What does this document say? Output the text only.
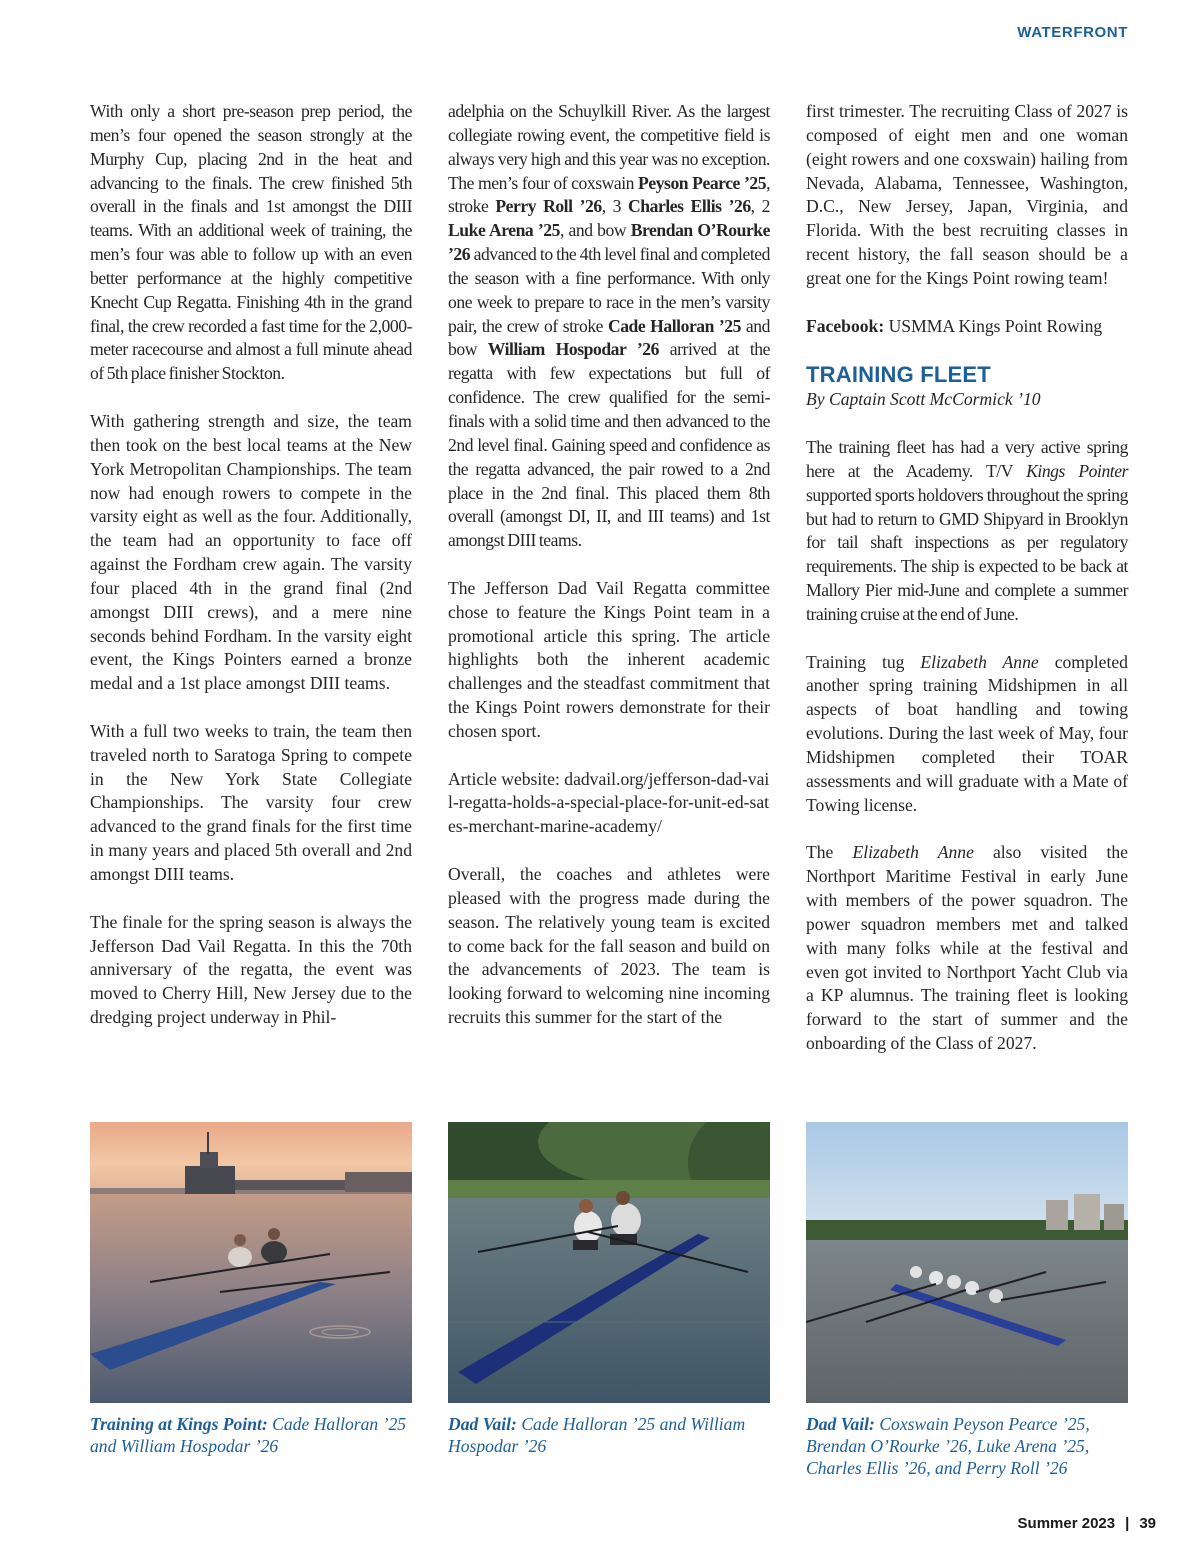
WATERFRONT

With only a short pre-season prep period, the men’s four opened the season strongly at the Murphy Cup, placing 2nd in the heat and advancing to the finals. The crew finished 5th overall in the finals and 1st amongst the DIII teams. With an additional week of training, the men’s four was able to follow up with an even better performance at the highly competitive Knecht Cup Regatta. Finishing 4th in the grand final, the crew recorded a fast time for the 2,000-meter racecourse and almost a full minute ahead of 5th place finisher Stockton.

With gathering strength and size, the team then took on the best local teams at the New York Metropolitan Championships. The team now had enough rowers to compete in the varsity eight as well as the four. Additionally, the team had an opportunity to face off against the Fordham crew again. The varsity four placed 4th in the grand final (2nd amongst DIII crews), and a mere nine seconds behind Fordham. In the varsity eight event, the Kings Pointers earned a bronze medal and a 1st place amongst DIII teams.

With a full two weeks to train, the team then traveled north to Saratoga Spring to compete in the New York State Collegiate Championships. The varsity four crew advanced to the grand finals for the first time in many years and placed 5th overall and 2nd amongst DIII teams.

The finale for the spring season is always the Jefferson Dad Vail Regatta. In this the 70th anniversary of the regatta, the event was moved to Cherry Hill, New Jersey due to the dredging project underway in Phil-

adelphia on the Schuylkill River. As the largest collegiate rowing event, the competitive field is always very high and this year was no exception. The men’s four of coxswain Peyson Pearce ’25, stroke Perry Roll ’26, 3 Charles Ellis ’26, 2 Luke Arena ’25, and bow Brendan O’Rourke ’26 advanced to the 4th level final and completed the season with a fine performance. With only one week to prepare to race in the men’s varsity pair, the crew of stroke Cade Halloran ’25 and bow William Hospodar ’26 arrived at the regatta with few expectations but full of confidence. The crew qualified for the semi-finals with a solid time and then advanced to the 2nd level final. Gaining speed and confidence as the regatta advanced, the pair rowed to a 2nd place in the 2nd final. This placed them 8th overall (amongst DI, II, and III teams) and 1st amongst DIII teams.

The Jefferson Dad Vail Regatta committee chose to feature the Kings Point team in a promotional article this spring. The article highlights both the inherent academic challenges and the steadfast commitment that the Kings Point rowers demonstrate for their chosen sport.

Article website: dadvail.org/jefferson-dad-vail-regatta-holds-a-special-place-for-unit-ed-sates-merchant-marine-academy/

Overall, the coaches and athletes were pleased with the progress made during the season. The relatively young team is excited to come back for the fall season and build on the advancements of 2023. The team is looking forward to welcoming nine incoming recruits this summer for the start of the

first trimester. The recruiting Class of 2027 is composed of eight men and one woman (eight rowers and one coxswain) hailing from Nevada, Alabama, Tennessee, Washington, D.C., New Jersey, Japan, Virginia, and Florida. With the best recruiting classes in recent history, the fall season should be a great one for the Kings Point rowing team!

Facebook: USMMA Kings Point Rowing

TRAINING FLEET
By Captain Scott McCormick ’10

The training fleet has had a very active spring here at the Academy. T/V Kings Pointer supported sports holdovers throughout the spring but had to return to GMD Shipyard in Brooklyn for tail shaft inspections as per regulatory requirements. The ship is expected to be back at Mallory Pier mid-June and complete a summer training cruise at the end of June.

Training tug Elizabeth Anne completed another spring training Midshipmen in all aspects of boat handling and towing evolutions. During the last week of May, four Midshipmen completed their TOAR assessments and will graduate with a Mate of Towing license.

The Elizabeth Anne also visited the Northport Maritime Festival in early June with members of the power squadron. The power squadron members met and talked with many folks while at the festival and even got invited to Northport Yacht Club via a KP alumnus. The training fleet is looking forward to the start of summer and the onboarding of the Class of 2027.

Training at Kings Point: Cade Halloran ’25 and William Hospodar ’26
Dad Vail: Cade Halloran ’25 and William Hospodar ’26
Dad Vail: Coxswain Peyson Pearce ’25, Brendan O’Rourke ’26, Luke Arena ’25, Charles Ellis ’26, and Perry Roll ’26
Summer 2023 | 39
